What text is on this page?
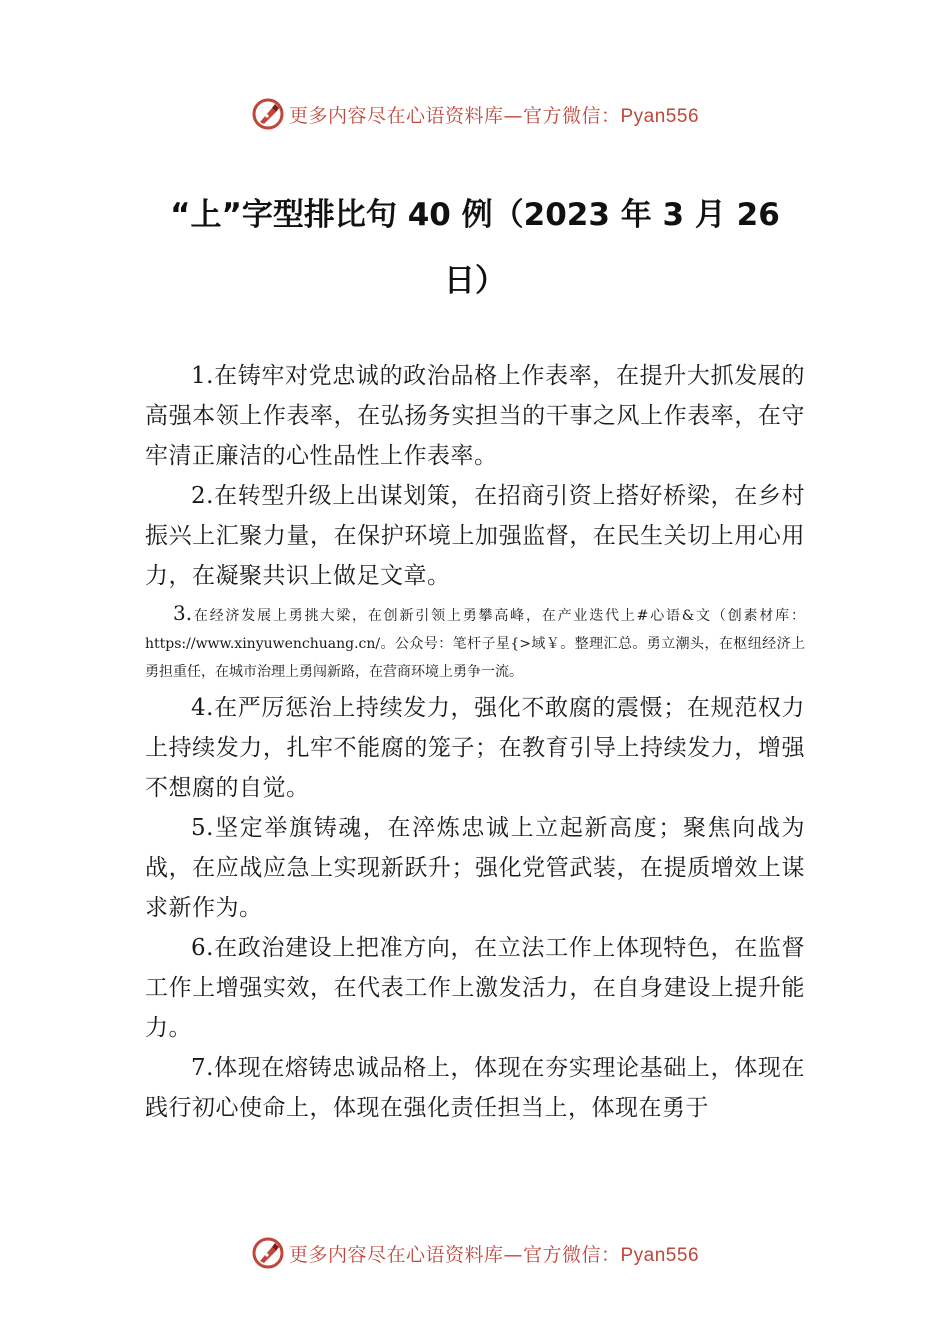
更多内容尽在心语资料库—官方微信：Pyan556
“上”字型排比句 40 例（2023 年 3 月 26 日）

1.在铸牢对党忠诚的政治品格上作表率，在提升大抓发展的高强本领上作表率，在弘扬务实担当的干事之风上作表率，在守牢清正廉洁的心性品性上作表率。

2.在转型升级上出谋划策，在招商引资上搭好桥梁，在乡村振兴上汇聚力量，在保护环境上加强监督，在民生关切上用心用力，在凝聚共识上做足文章。

3.在经济发展上勇挑大梁，在创新引领上勇攀高峰，在产业迭代上#心语&文（创素材库：https://www.xinyuwenchuang.cn/。公众号：笔杆子星{>域￥。整理汇总。勇立潮头，在枢纽经济上勇担重任，在城市治理上勇闯新路，在营商环境上勇争一流。

4.在严厉惩治上持续发力，强化不敢腐的震慑；在规范权力上持续发力，扎牢不能腐的笼子；在教育引导上持续发力，增强不想腐的自觉。

5.坚定举旗铸魂，在淬炼忠诚上立起新高度；聚焦向战为战，在应战应急上实现新跃升；强化党管武装，在提质增效上谋求新作为。

6.在政治建设上把准方向，在立法工作上体现特色，在监督工作上增强实效，在代表工作上激发活力，在自身建设上提升能力。

7.体现在熔铸忠诚品格上，体现在夯实理论基础上，体现在践行初心使命上，体现在强化责任担当上，体现在勇于

更多内容尽在心语资料库—官方微信：Pyan556
